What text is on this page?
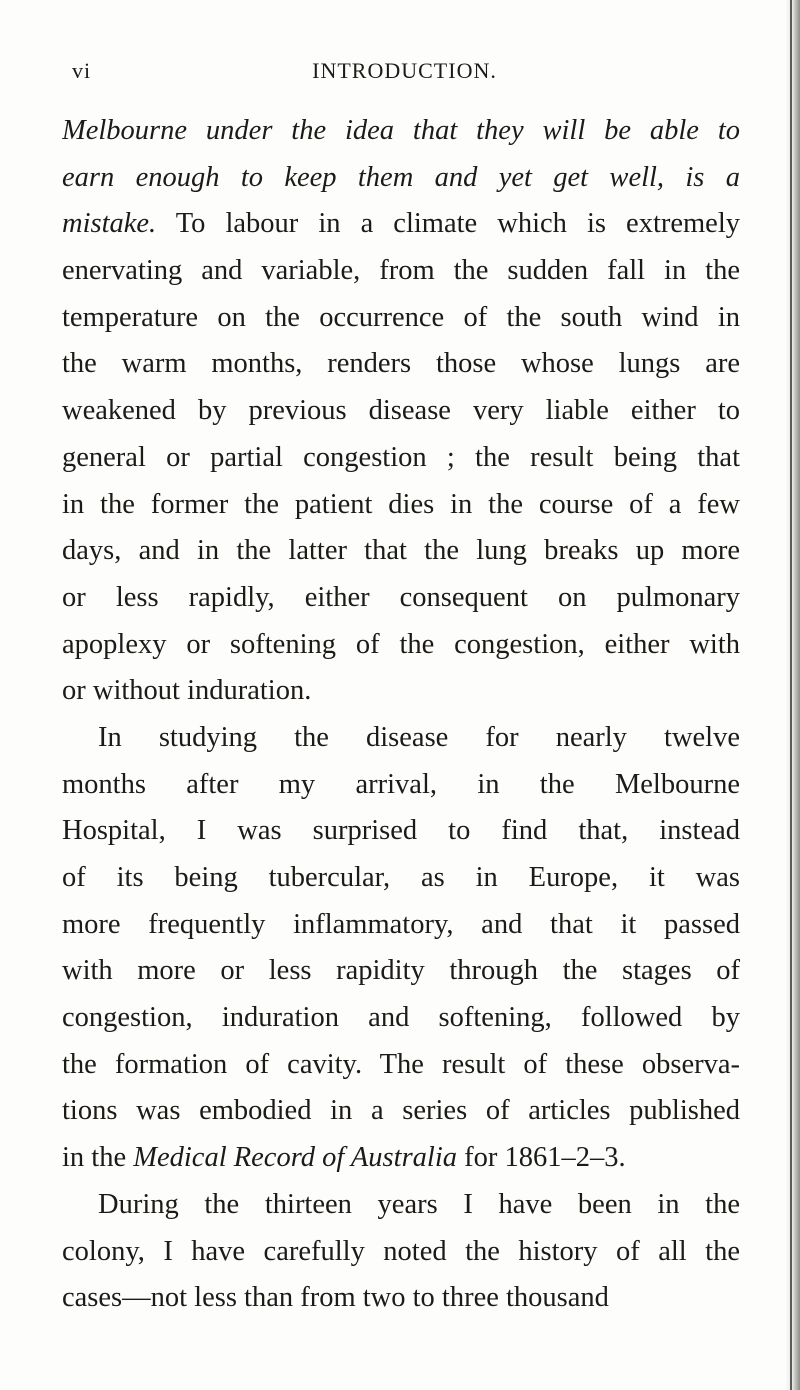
vi	INTRODUCTION.
Melbourne under the idea that they will be able to
earn enough to keep them and yet get well, is a
mistake. To labour in a climate which is extremely
enervating and variable, from the sudden fall in the
temperature on the occurrence of the south wind in
the warm months, renders those whose lungs are
weakened by previous disease very liable either to
general or partial congestion ; the result being that
in the former the patient dies in the course of a few
days, and in the latter that the lung breaks up more
or less rapidly, either consequent on pulmonary
apoplexy or softening of the congestion, either with
or without induration.
In studying the disease for nearly twelve
months after my arrival, in the Melbourne
Hospital, I was surprised to find that, instead
of its being tubercular, as in Europe, it was
more frequently inflammatory, and that it passed
with more or less rapidity through the stages of
congestion, induration and softening, followed by
the formation of cavity. The result of these observa-
tions was embodied in a series of articles published
in the Medical Record of Australia for 1861–2–3.
During the thirteen years I have been in the
colony, I have carefully noted the history of all the
cases—not less than from two to three thousand
